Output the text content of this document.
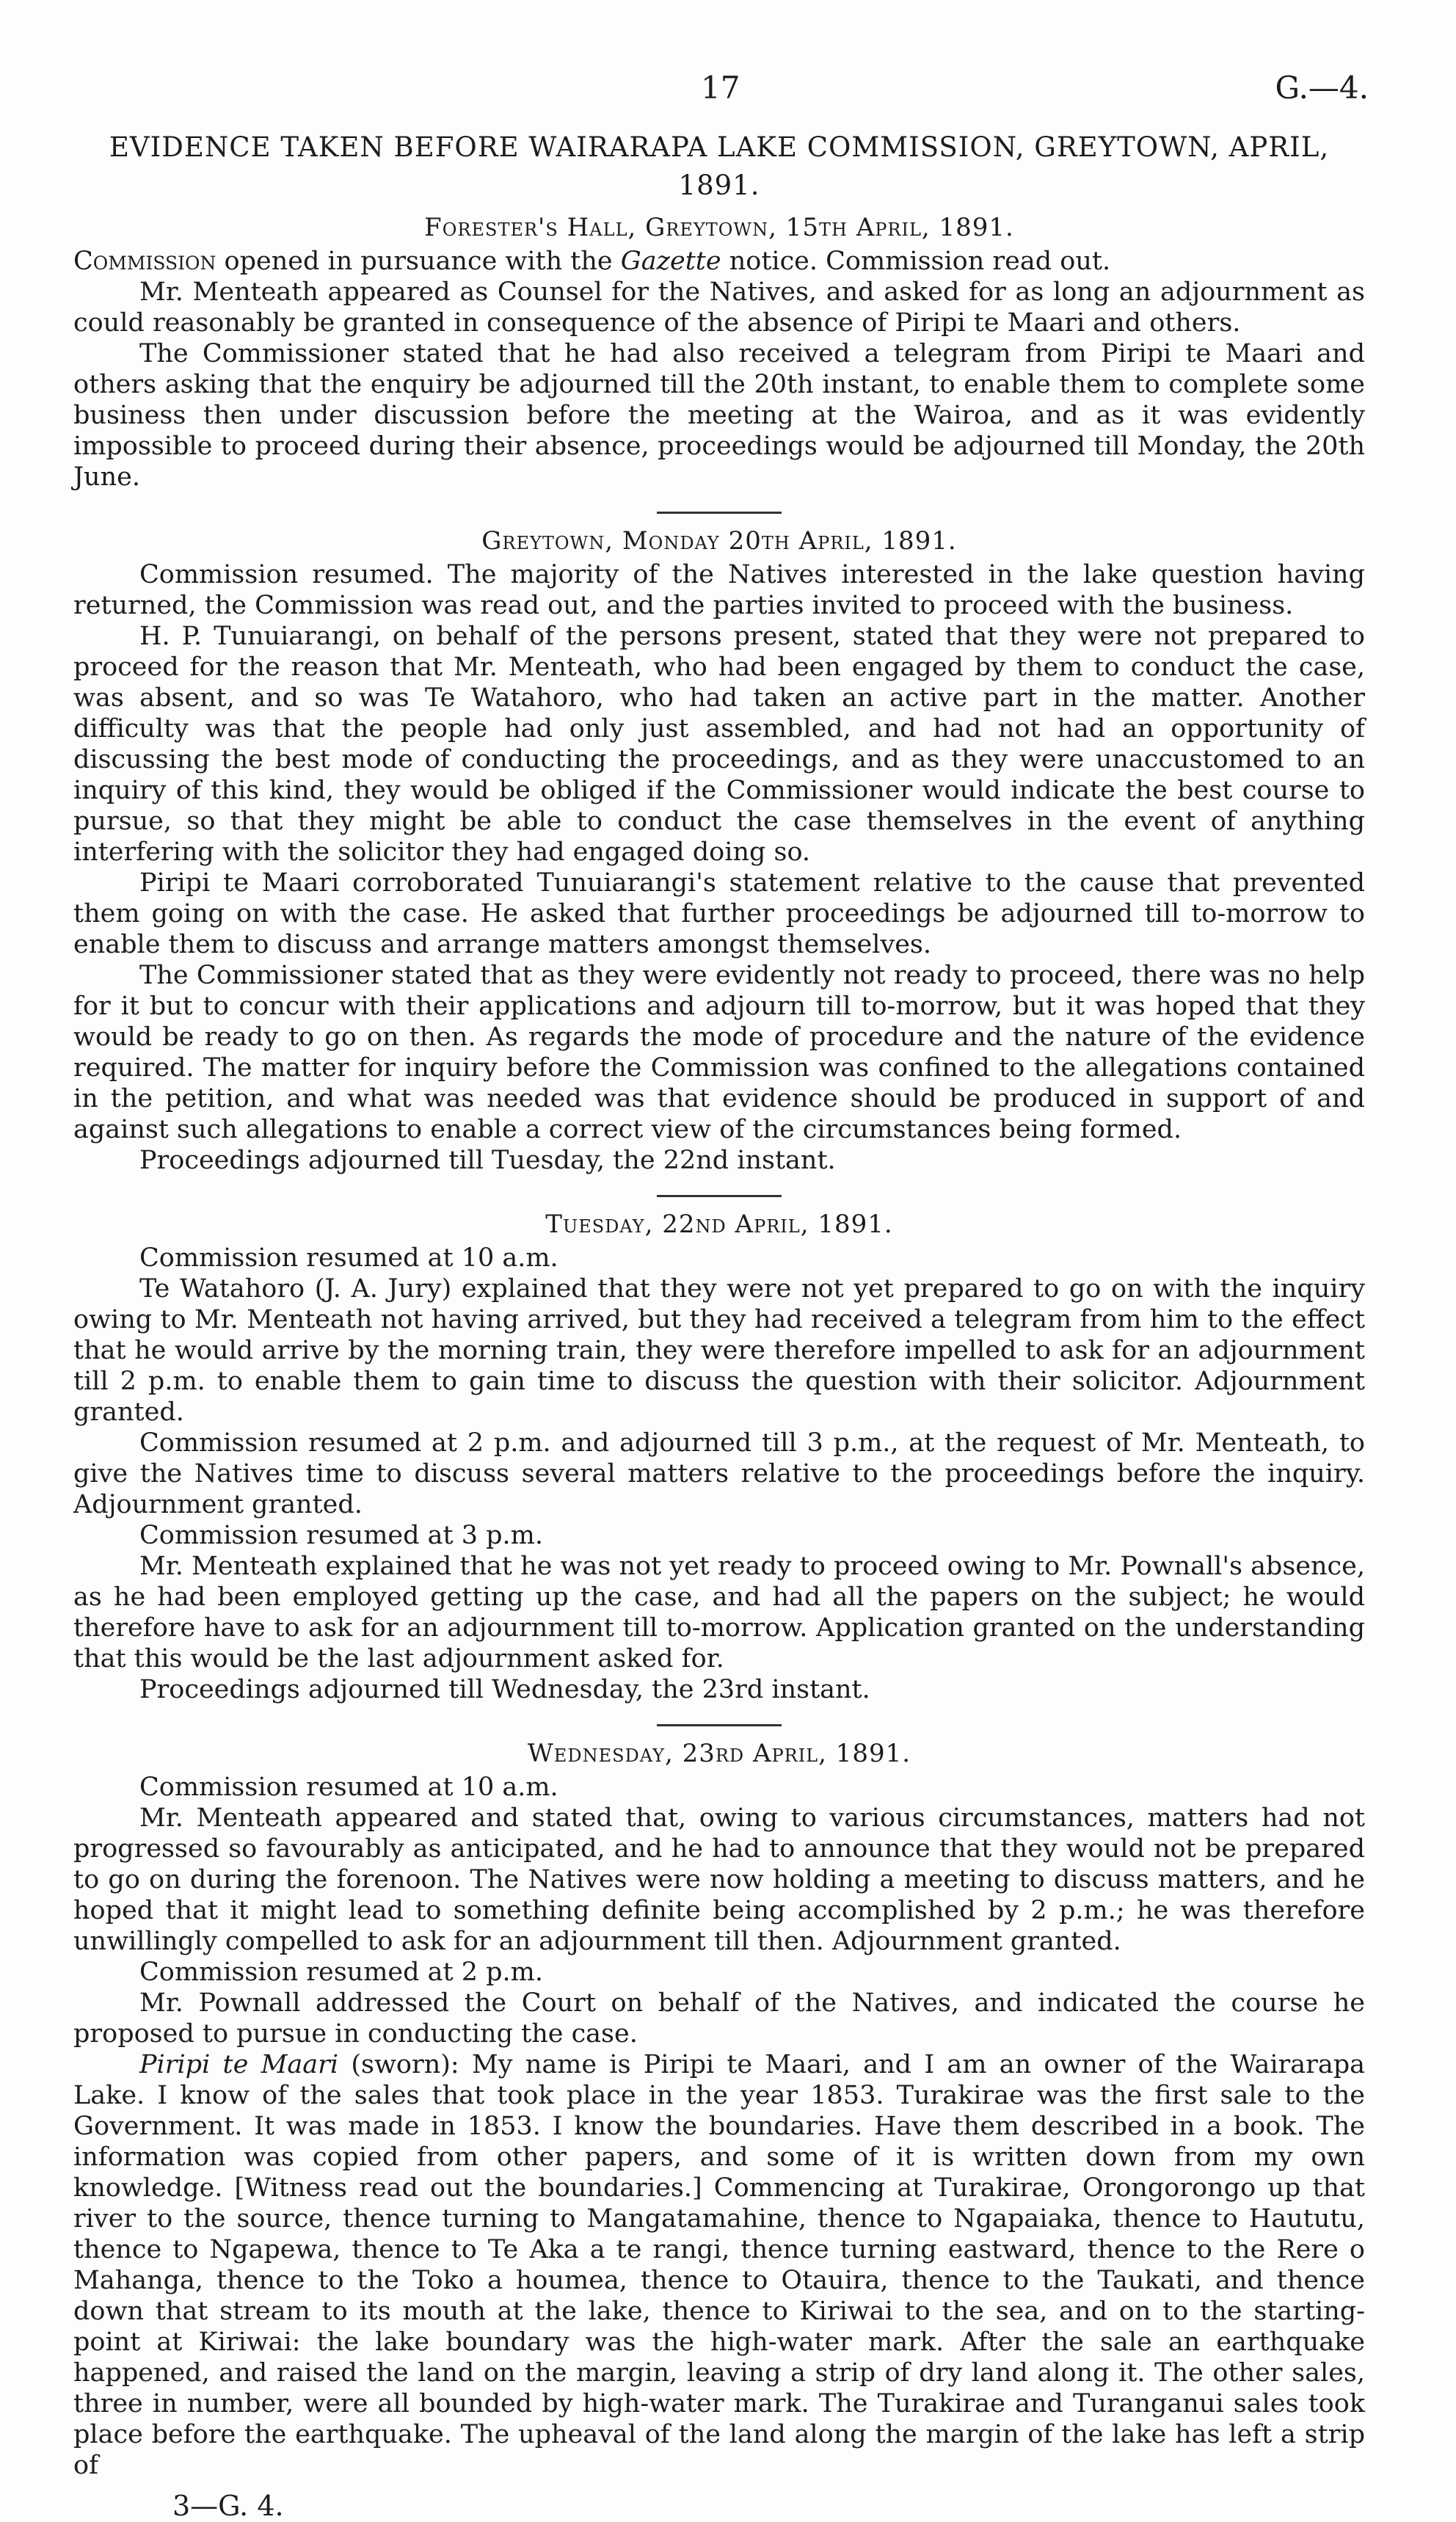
17	G.—4.
EVIDENCE TAKEN BEFORE WAIRARAPA LAKE COMMISSION, GREYTOWN, APRIL, 1891.
Forester's Hall, Greytown, 15th April, 1891.

Commission opened in pursuance with the Gazette notice. Commission read out.

Mr. Menteath appeared as Counsel for the Natives, and asked for as long an adjournment as could reasonably be granted in consequence of the absence of Piripi te Maari and others.

The Commissioner stated that he had also received a telegram from Piripi te Maari and others asking that the enquiry be adjourned till the 20th instant, to enable them to complete some business then under discussion before the meeting at the Wairoa, and as it was evidently impossible to proceed during their absence, proceedings would be adjourned till Monday, the 20th June.

Greytown, Monday 20th April, 1891.

Commission resumed. The majority of the Natives interested in the lake question having returned, the Commission was read out, and the parties invited to proceed with the business.

H. P. Tunuiarangi, on behalf of the persons present, stated that they were not prepared to proceed for the reason that Mr. Menteath, who had been engaged by them to conduct the case, was absent, and so was Te Watahoro, who had taken an active part in the matter. Another difficulty was that the people had only just assembled, and had not had an opportunity of discussing the best mode of conducting the proceedings, and as they were unaccustomed to an inquiry of this kind, they would be obliged if the Commissioner would indicate the best course to pursue, so that they might be able to conduct the case themselves in the event of anything interfering with the solicitor they had engaged doing so.

Piripi te Maari corroborated Tunuiarangi's statement relative to the cause that prevented them going on with the case. He asked that further proceedings be adjourned till to-morrow to enable them to discuss and arrange matters amongst themselves.

The Commissioner stated that as they were evidently not ready to proceed, there was no help for it but to concur with their applications and adjourn till to-morrow, but it was hoped that they would be ready to go on then. As regards the mode of procedure and the nature of the evidence required. The matter for inquiry before the Commission was confined to the allegations contained in the petition, and what was needed was that evidence should be produced in support of and against such allegations to enable a correct view of the circumstances being formed.

Proceedings adjourned till Tuesday, the 22nd instant.

Tuesday, 22nd April, 1891.

Commission resumed at 10 a.m.

Te Watahoro (J. A. Jury) explained that they were not yet prepared to go on with the inquiry owing to Mr. Menteath not having arrived, but they had received a telegram from him to the effect that he would arrive by the morning train, they were therefore impelled to ask for an adjournment till 2 p.m. to enable them to gain time to discuss the question with their solicitor. Adjournment granted.

Commission resumed at 2 p.m. and adjourned till 3 p.m., at the request of Mr. Menteath, to give the Natives time to discuss several matters relative to the proceedings before the inquiry. Adjournment granted.

Commission resumed at 3 p.m.

Mr. Menteath explained that he was not yet ready to proceed owing to Mr. Pownall's absence, as he had been employed getting up the case, and had all the papers on the subject; he would therefore have to ask for an adjournment till to-morrow. Application granted on the understanding that this would be the last adjournment asked for.

Proceedings adjourned till Wednesday, the 23rd instant.

Wednesday, 23rd April, 1891.

Commission resumed at 10 a.m.

Mr. Menteath appeared and stated that, owing to various circumstances, matters had not progressed so favourably as anticipated, and he had to announce that they would not be prepared to go on during the forenoon. The Natives were now holding a meeting to discuss matters, and he hoped that it might lead to something definite being accomplished by 2 p.m.; he was therefore unwillingly compelled to ask for an adjournment till then. Adjournment granted.

Commission resumed at 2 p.m.

Mr. Pownall addressed the Court on behalf of the Natives, and indicated the course he proposed to pursue in conducting the case.

Piripi te Maari (sworn): My name is Piripi te Maari, and I am an owner of the Wairarapa Lake. I know of the sales that took place in the year 1853. Turakirae was the first sale to the Government. It was made in 1853. I know the boundaries. Have them described in a book. The information was copied from other papers, and some of it is written down from my own knowledge. [Witness read out the boundaries.] Commencing at Turakirae, Orongorongo up that river to the source, thence turning to Mangatamahine, thence to Ngapaiaka, thence to Haututu, thence to Ngapewa, thence to Te Aka a te rangi, thence turning eastward, thence to the Rere o Mahanga, thence to the Toko a houmea, thence to Otauira, thence to the Taukati, and thence down that stream to its mouth at the lake, thence to Kiriwai to the sea, and on to the starting-point at Kiriwai: the lake boundary was the high-water mark. After the sale an earthquake happened, and raised the land on the margin, leaving a strip of dry land along it. The other sales, three in number, were all bounded by high-water mark. The Turakirae and Turanganui sales took place before the earthquake. The upheaval of the land along the margin of the lake has left a strip of

3—G. 4.
